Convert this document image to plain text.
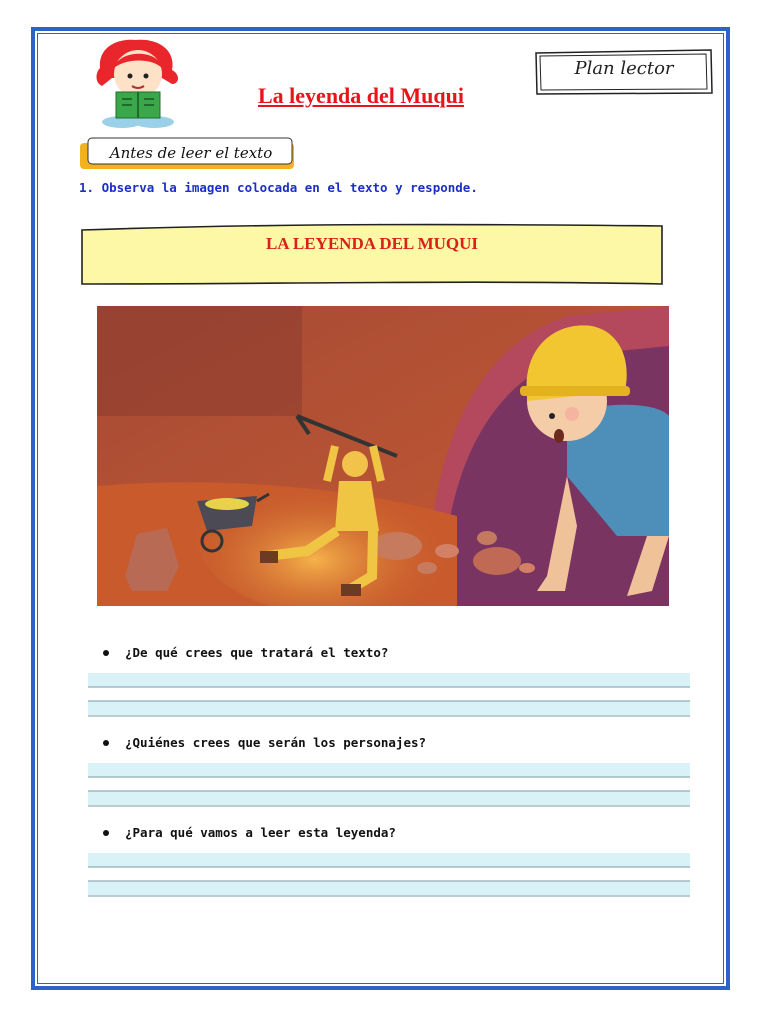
La leyenda del Muqui
Plan lector
Antes de leer el texto
1. Observa la imagen colocada en el texto y responde.
LA LEYENDA DEL MUQUI
¿De qué crees que tratará el texto?
¿Quiénes crees que serán los personajes?
¿Para qué vamos a leer esta leyenda?
